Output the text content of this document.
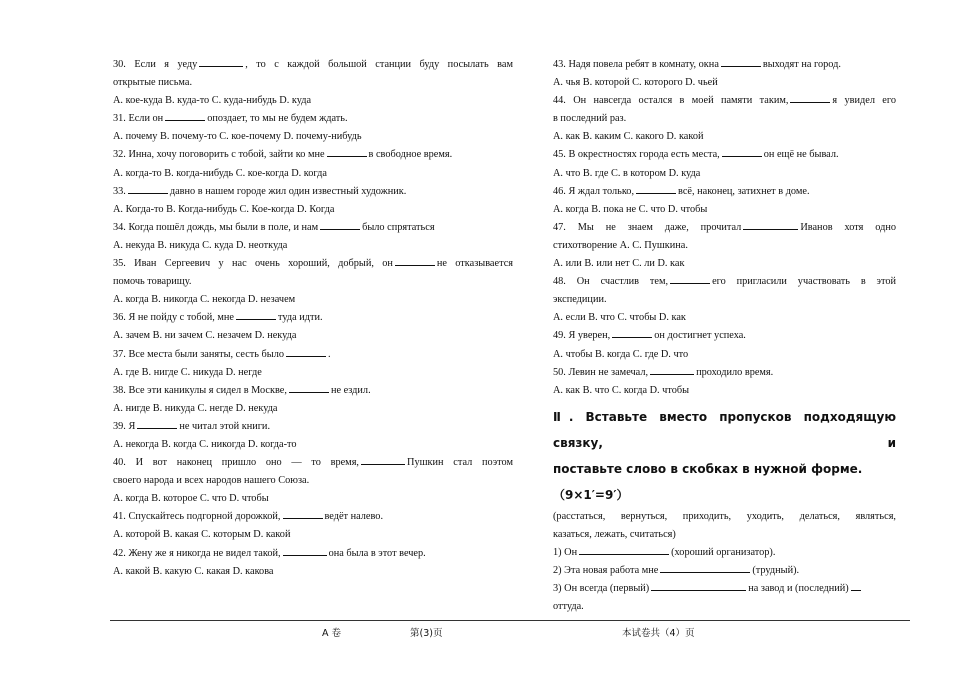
30. Если я уеду	, то с каждой большой станции буду посылать вам
открытые письма.
A. кое-куда B. куда-то C. куда-нибудь D. куда
31. Если он	опоздает, то мы не будем ждать.
A. почему B. почему-то C. кое-почему D. почему-нибудь
32. Инна, хочу поговорить с тобой, зайти ко мне	в свободное время.
A. когда-то B. когда-нибудь C. кое-когда D. когда
33.	давно в нашем городе жил один известный художник.
A. Когда-то B. Когда-нибудь C. Кое-когда D. Когда
34. Когда пошёл дождь, мы были в поле, и нам	было спрятаться
A. некуда B. никуда C. куда D. неоткуда
35. Иван Сергеевич у нас очень хороший, добрый, он	не отказывается
помочь товарищу.
A. когда B. никогда C. некогда D. незачем
36. Я не пойду с тобой, мне	туда идти.
A. зачем B. ни зачем C. незачем D. некуда
37. Все места были заняты, сесть было	.
A. где B. нигде C. никуда D. негде
38. Все эти каникулы я сидел в Москве,	не ездил.
A. нигде B. никуда C. негде D. некуда
39. Я	не читал этой книги.
A. некогда B. когда C. никогда D. когда-то
40. И вот наконец пришло оно — то время,	Пушкин стал поэтом
своего народа и всех народов нашего Союза.
A. когда B. которое C. что D. чтобы
41. Спускайтесь подгорной дорожкой,	ведёт налево.
A. которой B. какая C. которым D. какой
42. Жену же я никогда не видел такой,	она была в этот вечер.
A. какой B. какую C. какая D. какова
43. Надя повела ребят в комнату, окна	выходят на город.
A. чья B. которой C. которого D. чьей
44. Он навсегда остался в моей памяти таким,	я увидел его
в последний раз.
A. как B. каким C. какого D. какой
45. В окрестностях города есть места,	он ещё не бывал.
A. что B. где C. в котором D. куда
46. Я ждал только,	всё, наконец, затихнет в доме.
A. когда B. пока не C. что D. чтобы
47. Мы не знаем даже, прочитал	Иванов хотя одно
стихотворение А. С. Пушкина.
A. или B. или нет C. ли D. как
48. Он счастлив тем,	его пригласили участвовать в этой
экспедиции.
A. если B. что C. чтобы D. как
49. Я уверен,	он достигнет успеха.
A. чтобы B. когда C. где D. что
50. Левин не замечал,	проходило время.
A. как B. что C. когда D. чтобы
Ⅱ. Вставьте вместо пропусков подходящую связку, и
поставьте слово в скобках в нужной форме.（9×1′=9′）
(расстаться, вернуться, приходить, уходить, делаться, являться,
казаться, лежать, считаться)
1) Он	(хороший организатор).
2) Эта новая работа мне	(трудный).
3) Он всегда (первый)	на завод и (последний)
оттуда.
A 卷	第(3)页	本试卷共（4）页
